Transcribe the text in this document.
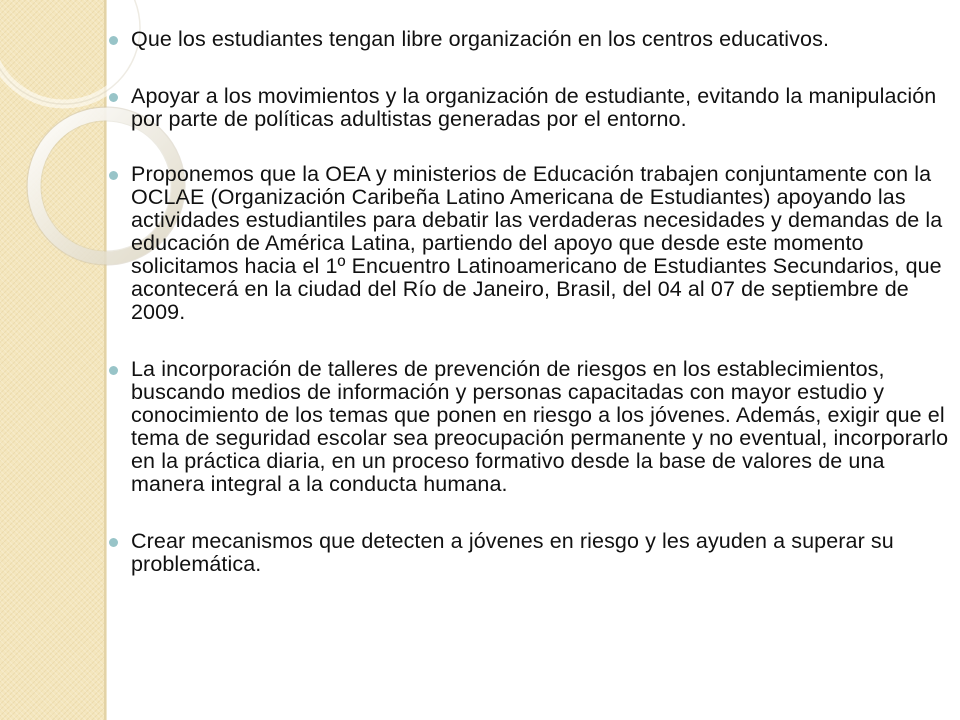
Que los estudiantes tengan libre organización en los centros educativos.
Apoyar a los movimientos y la organización de estudiante, evitando la manipulación por parte de políticas adultistas generadas por el entorno.
Proponemos que la OEA y ministerios de Educación trabajen conjuntamente con la OCLAE (Organización Caribeña Latino Americana de Estudiantes) apoyando las actividades estudiantiles para debatir las verdaderas necesidades y demandas de la educación de América Latina, partiendo del apoyo que desde este momento solicitamos hacia el 1º Encuentro Latinoamericano de Estudiantes Secundarios, que acontecerá en la ciudad del Río de Janeiro, Brasil, del 04 al 07 de septiembre de 2009.
La incorporación de talleres de prevención de riesgos en los establecimientos, buscando medios de información y personas capacitadas con mayor estudio y conocimiento de los temas que ponen en riesgo a los jóvenes. Además, exigir que el tema de seguridad escolar sea preocupación permanente y no eventual, incorporarlo en la práctica diaria, en un proceso formativo desde la base de valores de una manera integral a la conducta humana.
Crear mecanismos que detecten a jóvenes en riesgo y les ayuden a superar su problemática.
